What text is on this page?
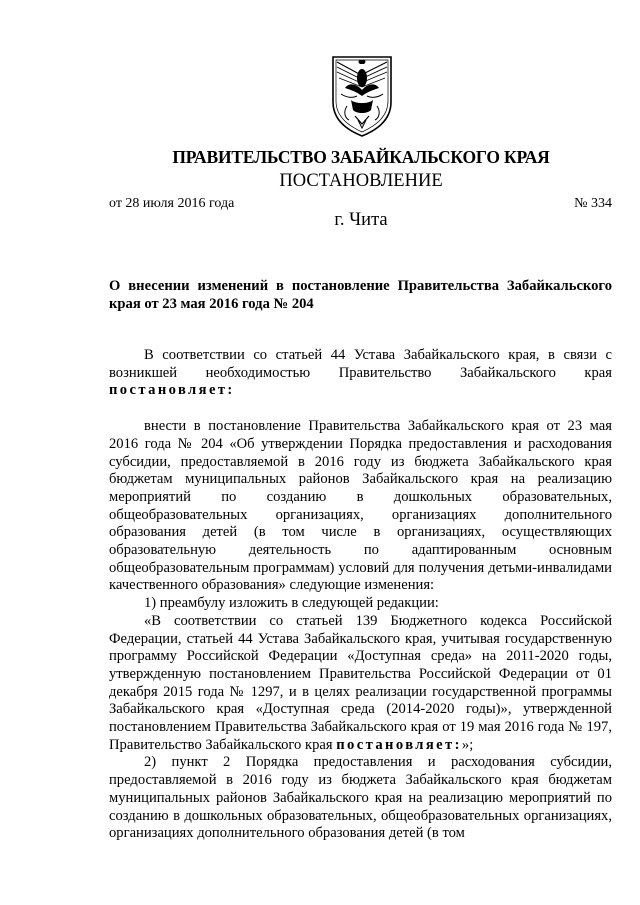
ПРАВИТЕЛЬСТВО ЗАБАЙКАЛЬСКОГО КРАЯ
ПОСТАНОВЛЕНИЕ
от 28 июля 2016 года	№ 334
г. Чита
О внесении изменений в постановление Правительства Забайкальского края от 23 мая 2016 года № 204

В соответствии со статьей 44 Устава Забайкальского края, в связи с возникшей необходимостью Правительство Забайкальского края постановляет:

внести в постановление Правительства Забайкальского края от 23 мая 2016 года № 204 «Об утверждении Порядка предоставления и расходования субсидии, предоставляемой в 2016 году из бюджета Забайкальского края бюджетам муниципальных районов Забайкальского края на реализацию мероприятий по созданию в дошкольных образовательных, общеобразовательных организациях, организациях дополнительного образования детей (в том числе в организациях, осуществляющих образовательную деятельность по адаптированным основным общеобразовательным программам) условий для получения детьми-инвалидами качественного образования» следующие изменения:

1) преамбулу изложить в следующей редакции:

«В соответствии со статьей 139 Бюджетного кодекса Российской Федерации, статьей 44 Устава Забайкальского края, учитывая государственную программу Российской Федерации «Доступная среда» на 2011-2020 годы, утвержденную постановлением Правительства Российской Федерации от 01 декабря 2015 года № 1297, и в целях реализации государственной программы Забайкальского края «Доступная среда (2014-2020 годы)», утвержденной постановлением Правительства Забайкальского края от 19 мая 2016 года № 197, Правительство Забайкальского края постановляет:»;

2) пункт 2 Порядка предоставления и расходования субсидии, предоставляемой в 2016 году из бюджета Забайкальского края бюджетам муниципальных районов Забайкальского края на реализацию мероприятий по созданию в дошкольных образовательных, общеобразовательных организациях, организациях дополнительного образования детей (в том
